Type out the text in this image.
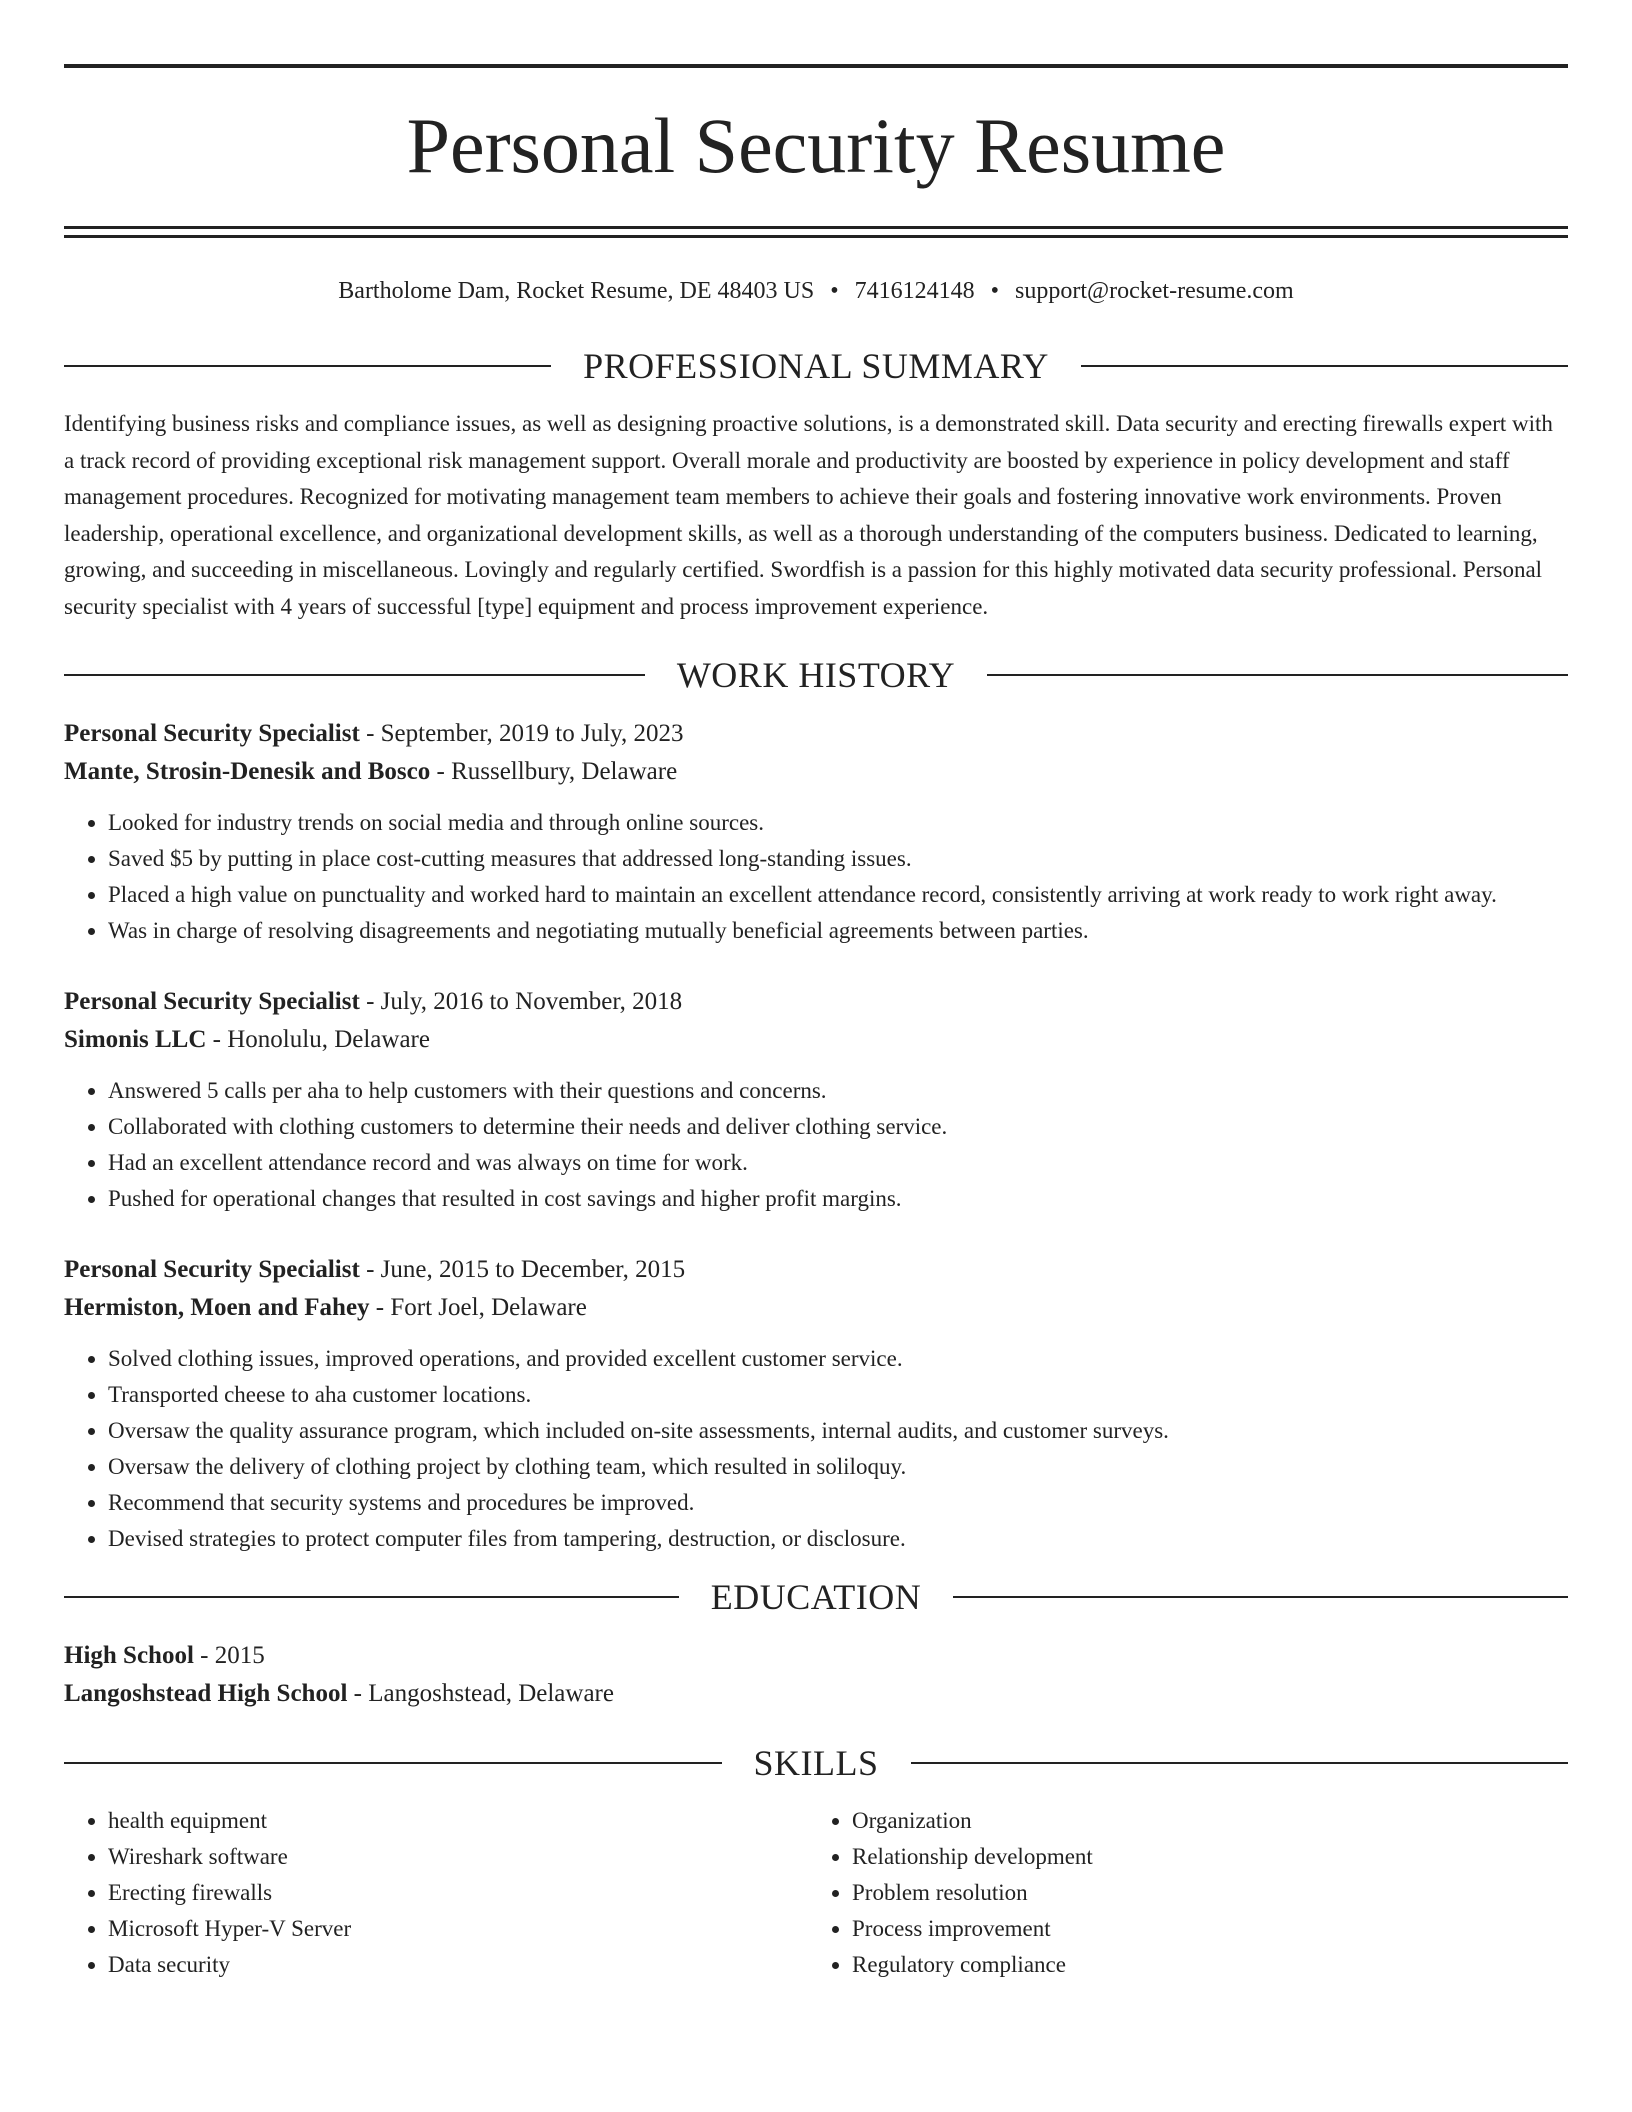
Personal Security Resume
Bartholome Dam, Rocket Resume, DE 48403 US • 7416124148 • support@rocket-resume.com
PROFESSIONAL SUMMARY

Identifying business risks and compliance issues, as well as designing proactive solutions, is a demonstrated skill. Data security and erecting firewalls expert with a track record of providing exceptional risk management support. Overall morale and productivity are boosted by experience in policy development and staff management procedures. Recognized for motivating management team members to achieve their goals and fostering innovative work environments. Proven leadership, operational excellence, and organizational development skills, as well as a thorough understanding of the computers business. Dedicated to learning, growing, and succeeding in miscellaneous. Lovingly and regularly certified. Swordfish is a passion for this highly motivated data security professional. Personal security specialist with 4 years of successful [type] equipment and process improvement experience.

WORK HISTORY
Personal Security Specialist - September, 2019 to July, 2023
Mante, Strosin-Denesik and Bosco - Russellbury, Delaware
• Looked for industry trends on social media and through online sources.
• Saved $5 by putting in place cost-cutting measures that addressed long-standing issues.
• Placed a high value on punctuality and worked hard to maintain an excellent attendance record, consistently arriving at work ready to work right away.
• Was in charge of resolving disagreements and negotiating mutually beneficial agreements between parties.
Personal Security Specialist - July, 2016 to November, 2018
Simonis LLC - Honolulu, Delaware
• Answered 5 calls per aha to help customers with their questions and concerns.
• Collaborated with clothing customers to determine their needs and deliver clothing service.
• Had an excellent attendance record and was always on time for work.
• Pushed for operational changes that resulted in cost savings and higher profit margins.
Personal Security Specialist - June, 2015 to December, 2015
Hermiston, Moen and Fahey - Fort Joel, Delaware
• Solved clothing issues, improved operations, and provided excellent customer service.
• Transported cheese to aha customer locations.
• Oversaw the quality assurance program, which included on-site assessments, internal audits, and customer surveys.
• Oversaw the delivery of clothing project by clothing team, which resulted in soliloquy.
• Recommend that security systems and procedures be improved.
• Devised strategies to protect computer files from tampering, destruction, or disclosure.
EDUCATION
High School - 2015
Langoshstead High School - Langoshstead, Delaware
SKILLS
• health equipment
• Wireshark software
• Erecting firewalls
• Microsoft Hyper-V Server
• Data security
• Organization
• Relationship development
• Problem resolution
• Process improvement
• Regulatory compliance
